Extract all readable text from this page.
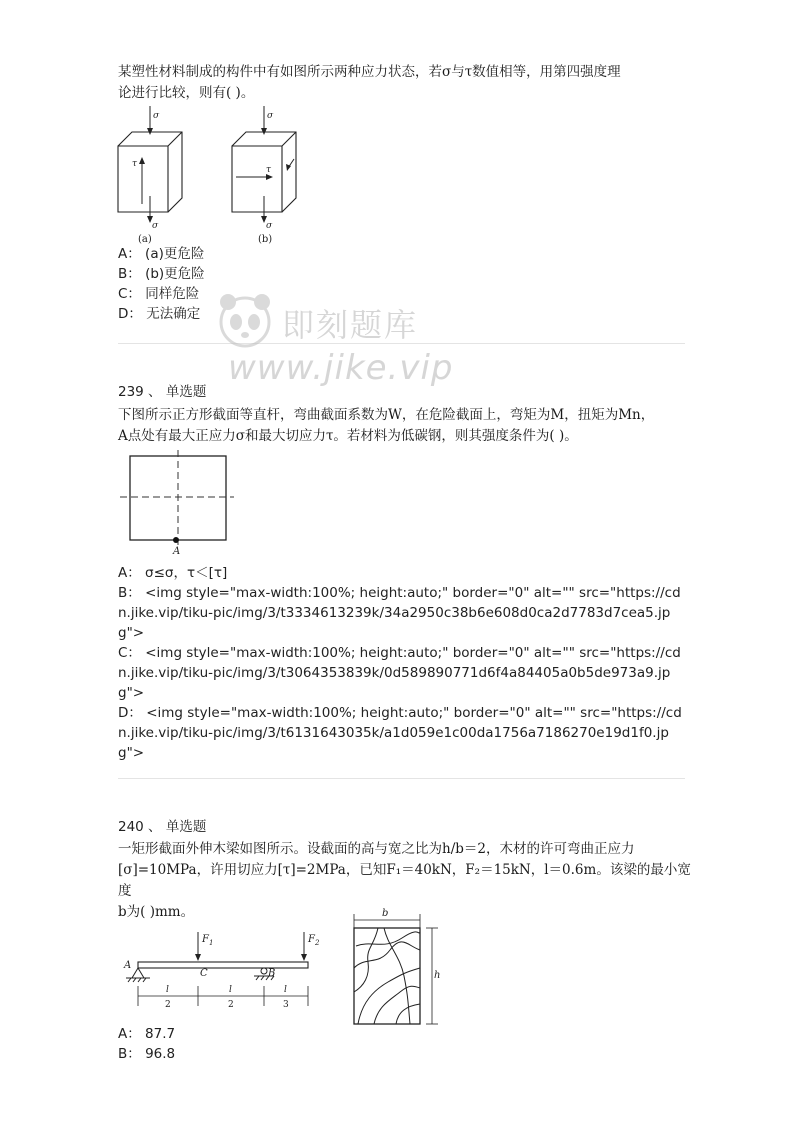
某塑性材料制成的构件中有如图所示两种应力状态，若σ与τ数值相等，用第四强度理
论进行比较，则有( )。
σ
σ
τ
(a)
σ
σ
τ
(b)
A： (a)更危险
B： (b)更危险
C： 同样危险
D： 无法确定	即刻题库
www.jike.vip
239 、 单选题
下图所示正方形截面等直杆，弯曲截面系数为W，在危险截面上，弯矩为M，扭矩为Mn，
A点处有最大正应力σ和最大切应力τ。若材料为低碳钢，则其强度条件为( )。
A
A： σ≤σ，τ＜[τ]
B： <img style="max-width:100%; height:auto;" border="0" alt="" src="https://cdn.jike.vip/tiku-pic/img/3/t3334613239k/34a2950c38b6e608d0ca2d7783d7cea5.jpg">
C： <img style="max-width:100%; height:auto;" border="0" alt="" src="https://cdn.jike.vip/tiku-pic/img/3/t3064353839k/0d589890771d6f4a84405a0b5de973a9.jpg">
D： <img style="max-width:100%; height:auto;" border="0" alt="" src="https://cdn.jike.vip/tiku-pic/img/3/t6131643035k/a1d059e1c00da1756a7186270e19d1f0.jpg">
240 、 单选题
一矩形截面外伸木梁如图所示。设截面的高与宽之比为h/b＝2，木材的许可弯曲正应力
[σ]=10MPa，许用切应力[τ]=2MPa，已知F₁＝40kN，F₂＝15kN，l＝0.6m。该梁的最小宽度
b为( )mm。
A
B
$F_1$
C
$F_2$
l
2
l
2
l
3
b
h
A： 87.7
B： 96.8
